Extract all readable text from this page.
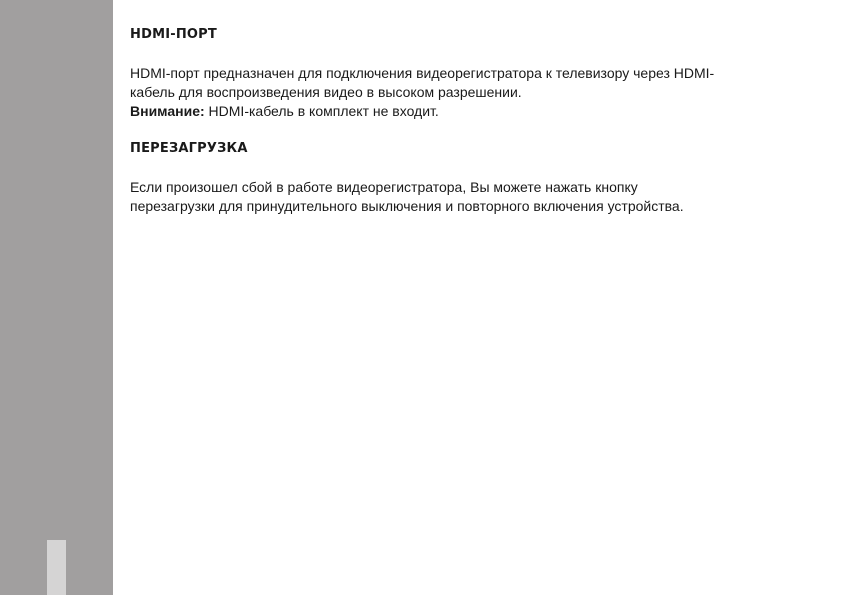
HDMI-ПОРТ

HDMI-порт предназначен для подключения видеорегистратора к телевизору через HDMI-
кабель для воспроизведения видео в высоком разрешении.
Внимание: HDMI-кабель в комплект не входит.

ПЕРЕЗАГРУЗКА

Если произошел сбой в работе видеорегистратора, Вы можете нажать кнопку
перезагрузки для принудительного выключения и повторного включения устройства.
